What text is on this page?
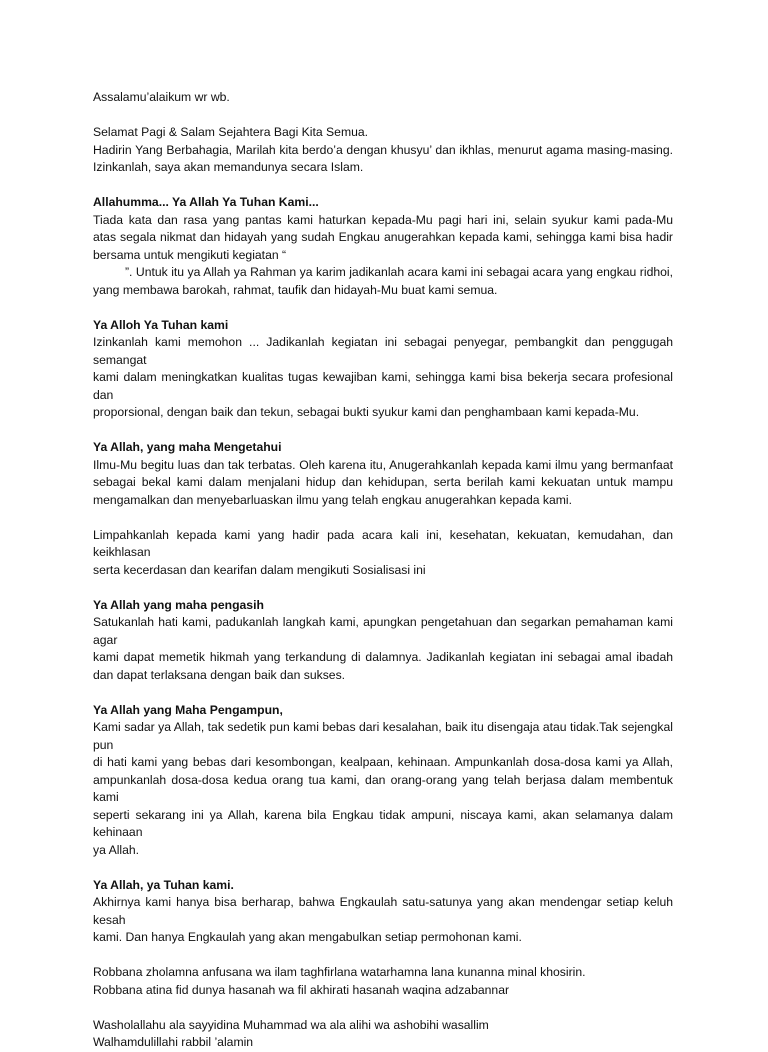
Assalamu’alaikum wr wb.

Selamat Pagi & Salam Sejahtera Bagi Kita Semua.
Hadirin Yang Berbahagia, Marilah kita berdo’a dengan khusyu’ dan ikhlas, menurut agama masing-masing.
Izinkanlah, saya akan memandunya secara Islam.

Allahumma... Ya Allah Ya Tuhan Kami...

Tiada kata dan rasa yang pantas kami haturkan kepada-Mu pagi hari ini, selain syukur kami pada-Mu
atas segala nikmat dan hidayah yang sudah Engkau anugerahkan kepada kami, sehingga kami bisa hadir
bersama untuk mengikuti kegiatan “
”. Untuk itu ya Allah ya Rahman ya karim jadikanlah acara kami ini sebagai acara yang engkau ridhoi,
yang membawa barokah, rahmat, taufik dan hidayah-Mu buat kami semua.

Ya Alloh Ya Tuhan kami

Izinkanlah kami memohon ... Jadikanlah kegiatan ini sebagai penyegar, pembangkit dan penggugah semangat
kami dalam meningkatkan kualitas tugas kewajiban kami, sehingga kami bisa bekerja secara profesional dan
proporsional, dengan baik dan tekun, sebagai bukti syukur kami dan penghambaan kami kepada-Mu.

Ya Allah, yang maha Mengetahui

Ilmu-Mu begitu luas dan tak terbatas. Oleh karena itu, Anugerahkanlah kepada kami ilmu yang bermanfaat
sebagai bekal kami dalam menjalani hidup dan kehidupan, serta berilah kami kekuatan untuk mampu
mengamalkan dan menyebarluaskan ilmu yang telah engkau anugerahkan kepada kami.

Limpahkanlah kepada kami yang hadir pada acara kali ini, kesehatan, kekuatan, kemudahan, dan keikhlasan
serta kecerdasan dan kearifan dalam mengikuti Sosialisasi ini

Ya Allah yang maha pengasih

Satukanlah hati kami, padukanlah langkah kami, apungkan pengetahuan dan segarkan pemahaman kami agar
kami dapat memetik hikmah yang terkandung di dalamnya. Jadikanlah kegiatan ini sebagai amal ibadah
dan dapat terlaksana dengan baik dan sukses.

Ya Allah yang Maha Pengampun,

Kami sadar ya Allah, tak sedetik pun kami bebas dari kesalahan, baik itu disengaja atau tidak.Tak sejengkal pun
di hati kami yang bebas dari kesombongan, kealpaan, kehinaan. Ampunkanlah dosa-dosa kami ya Allah,
ampunkanlah dosa-dosa kedua orang tua kami, dan orang-orang yang telah berjasa dalam membentuk kami
seperti sekarang ini ya Allah, karena bila Engkau tidak ampuni, niscaya kami, akan selamanya dalam kehinaan
ya Allah.

Ya Allah, ya Tuhan kami.

Akhirnya kami hanya bisa berharap, bahwa Engkaulah satu-satunya yang akan mendengar setiap keluh kesah
kami. Dan hanya Engkaulah yang akan mengabulkan setiap permohonan kami.

Robbana zholamna anfusana wa ilam taghfirlana watarhamna lana kunanna minal khosirin.
Robbana atina fid dunya hasanah wa fil akhirati hasanah waqina adzabannar

Washolallahu ala sayyidina Muhammad wa ala alihi wa ashobihi wasallim
Walhamdulillahi rabbil ’alamin
